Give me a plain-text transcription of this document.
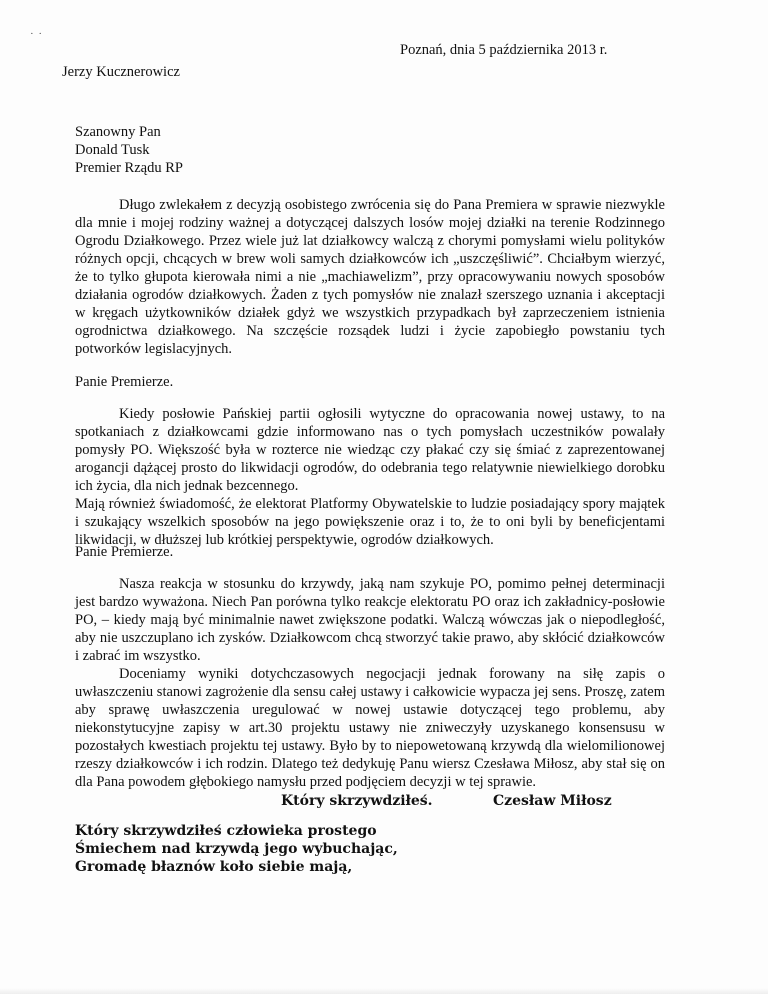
· ·
Jerzy Kucznerowicz
Poznań, dnia 5 października 2013 r.
Szanowny Pan
Donald Tusk
Premier Rządu RP
Długo zwlekałem z decyzją osobistego zwrócenia się do Pana Premiera w sprawie niezwykle dla mnie i mojej rodziny ważnej a dotyczącej dalszych losów mojej działki na terenie Rodzinnego Ogrodu Działkowego. Przez wiele już lat działkowcy walczą z chorymi pomysłami wielu polityków różnych opcji, chcących w brew woli samych działkowców ich „uszczęśliwić”. Chciałbym wierzyć, że to tylko głupota kierowała nimi a nie „machiawelizm”, przy opracowywaniu nowych sposobów działania ogrodów działkowych. Żaden z tych pomysłów nie znalazł szerszego uznania i akceptacji w kręgach użytkowników działek gdyż we wszystkich przypadkach był zaprzeczeniem istnienia ogrodnictwa działkowego. Na szczęście rozsądek ludzi i życie zapobiegło powstaniu tych potworków legislacyjnych.
Panie Premierze.
Kiedy posłowie Pańskiej partii ogłosili wytyczne do opracowania nowej ustawy, to na spotkaniach z działkowcami gdzie informowano nas o tych pomysłach uczestników powalały pomysły PO. Większość była w rozterce nie wiedząc czy płakać czy się śmiać z zaprezentowanej arogancji dążącej prosto do likwidacji ogrodów, do odebrania tego relatywnie niewielkiego dorobku ich życia, dla nich jednak bezcennego.
Mają również świadomość, że elektorat Platformy Obywatelskie to ludzie posiadający spory majątek i szukający wszelkich sposobów na jego powiększenie oraz i to, że to oni byli by beneficjentami likwidacji, w dłuższej lub krótkiej perspektywie, ogrodów działkowych.
Panie Premierze.
Nasza reakcja w stosunku do krzywdy, jaką nam szykuje PO, pomimo pełnej determinacji jest bardzo wyważona. Niech Pan porówna tylko reakcje elektoratu PO oraz ich zakładnicy-posłowie PO, – kiedy mają być minimalnie nawet zwiększone podatki. Walczą wówczas jak o niepodległość, aby nie uszczuplano ich zysków. Działkowcom chcą stworzyć takie prawo, aby skłócić działkowców i zabrać im wszystko.
Doceniamy wyniki dotychczasowych negocjacji jednak forowany na siłę zapis o uwłaszczeniu stanowi zagrożenie dla sensu całej ustawy i całkowicie wypacza jej sens. Proszę, zatem aby sprawę uwłaszczenia uregulować w nowej ustawie dotyczącej tego problemu, aby niekonstytucyjne zapisy w art.30 projektu ustawy nie zniweczyły uzyskanego konsensusu w pozostałych kwestiach projektu tej ustawy. Było by to niepowetowaną krzywdą dla wielomilionowej rzeszy działkowców i ich rodzin. Dlatego też dedykuję Panu wiersz Czesława Miłosz, aby stał się on dla Pana powodem głębokiego namysłu przed podjęciem decyzji w tej sprawie.
Który skrzywdziłeś.	Czesław Miłosz
Który skrzywdziłeś człowieka prostego
Śmiechem nad krzywdą jego wybuchając,
Gromadę błaznów koło siebie mają,
